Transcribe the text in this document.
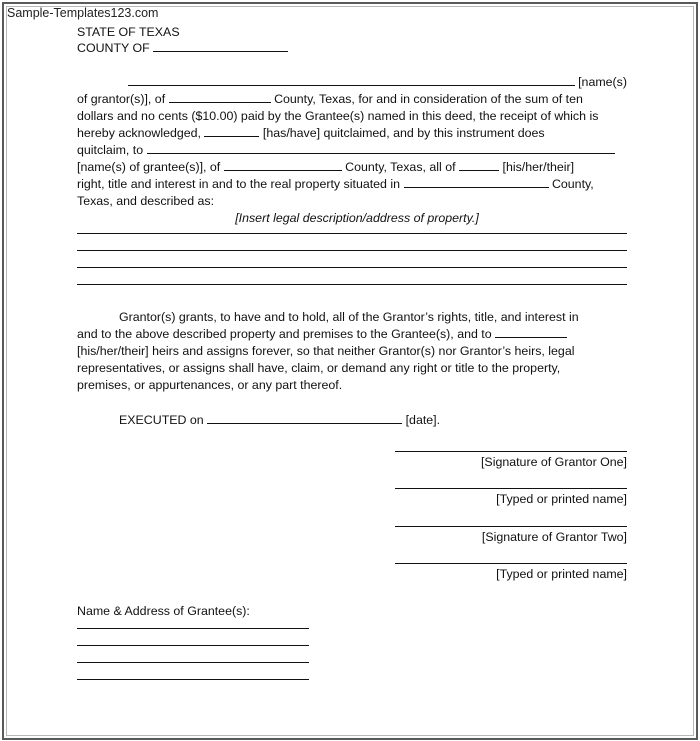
Sample-Templates123.com
STATE OF TEXAS
COUNTY OF
[name(s)
of grantor(s)], of	County, Texas, for and in consideration of the sum of ten
dollars and no cents ($10.00) paid by the Grantee(s) named in this deed, the receipt of which is
hereby acknowledged,	[has/have] quitclaimed, and by this instrument does
quitclaim, to
[name(s) of grantee(s)], of	County, Texas, all of	[his/her/their]
right, title and interest in and to the real property situated in	County,
Texas, and described as:
[Insert legal description/address of property.]
Grantor(s) grants, to have and to hold, all of the Grantor’s rights, title, and interest in
and to the above described property and premises to the Grantee(s), and to
[his/her/their] heirs and assigns forever, so that neither Grantor(s) nor Grantor’s heirs, legal
representatives, or assigns shall have, claim, or demand any right or title to the property,
premises, or appurtenances, or any part thereof.
EXECUTED on	[date].
[Signature of Grantor One]
[Typed or printed name]
[Signature of Grantor Two]
[Typed or printed name]
Name & Address of Grantee(s):
